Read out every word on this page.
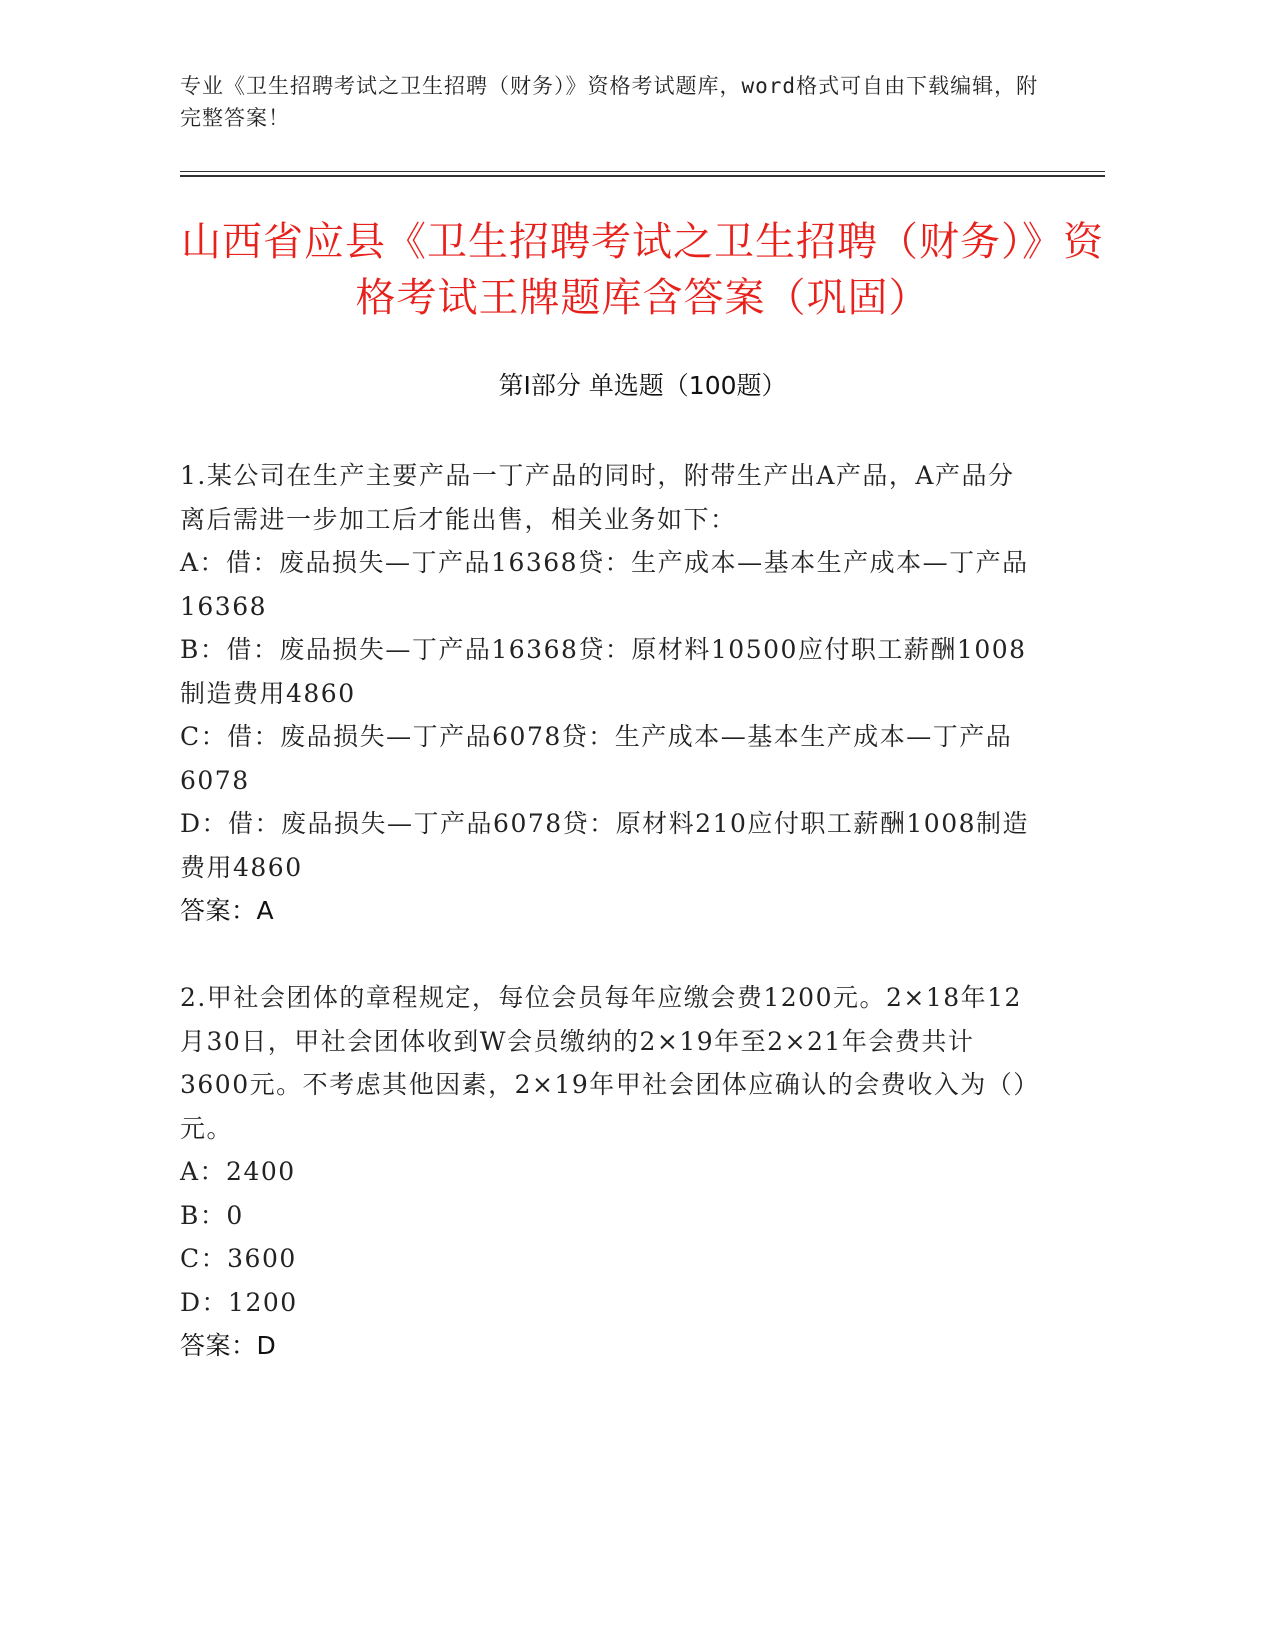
专业《卫生招聘考试之卫生招聘（财务）》资格考试题库，word格式可自由下载编辑，附完整答案！
山西省应县《卫生招聘考试之卫生招聘（财务）》资格考试王牌题库含答案（巩固）
第I部分 单选题（100题）
1.某公司在生产主要产品一丁产品的同时，附带生产出A产品，A产品分离后需进一步加工后才能出售，相关业务如下：
A：借：废品损失—丁产品16368贷：生产成本—基本生产成本—丁产品16368
B：借：废品损失—丁产品16368贷：原材料10500应付职工薪酬1008制造费用4860
C：借：废品损失—丁产品6078贷：生产成本—基本生产成本—丁产品6078
D：借：废品损失—丁产品6078贷：原材料210应付职工薪酬1008制造费用4860
答案：A
2.甲社会团体的章程规定，每位会员每年应缴会费1200元。2×18年12月30日，甲社会团体收到W会员缴纳的2×19年至2×21年会费共计3600元。不考虑其他因素，2×19年甲社会团体应确认的会费收入为（）元。
A：2400
B：0
C：3600
D：1200
答案：D
